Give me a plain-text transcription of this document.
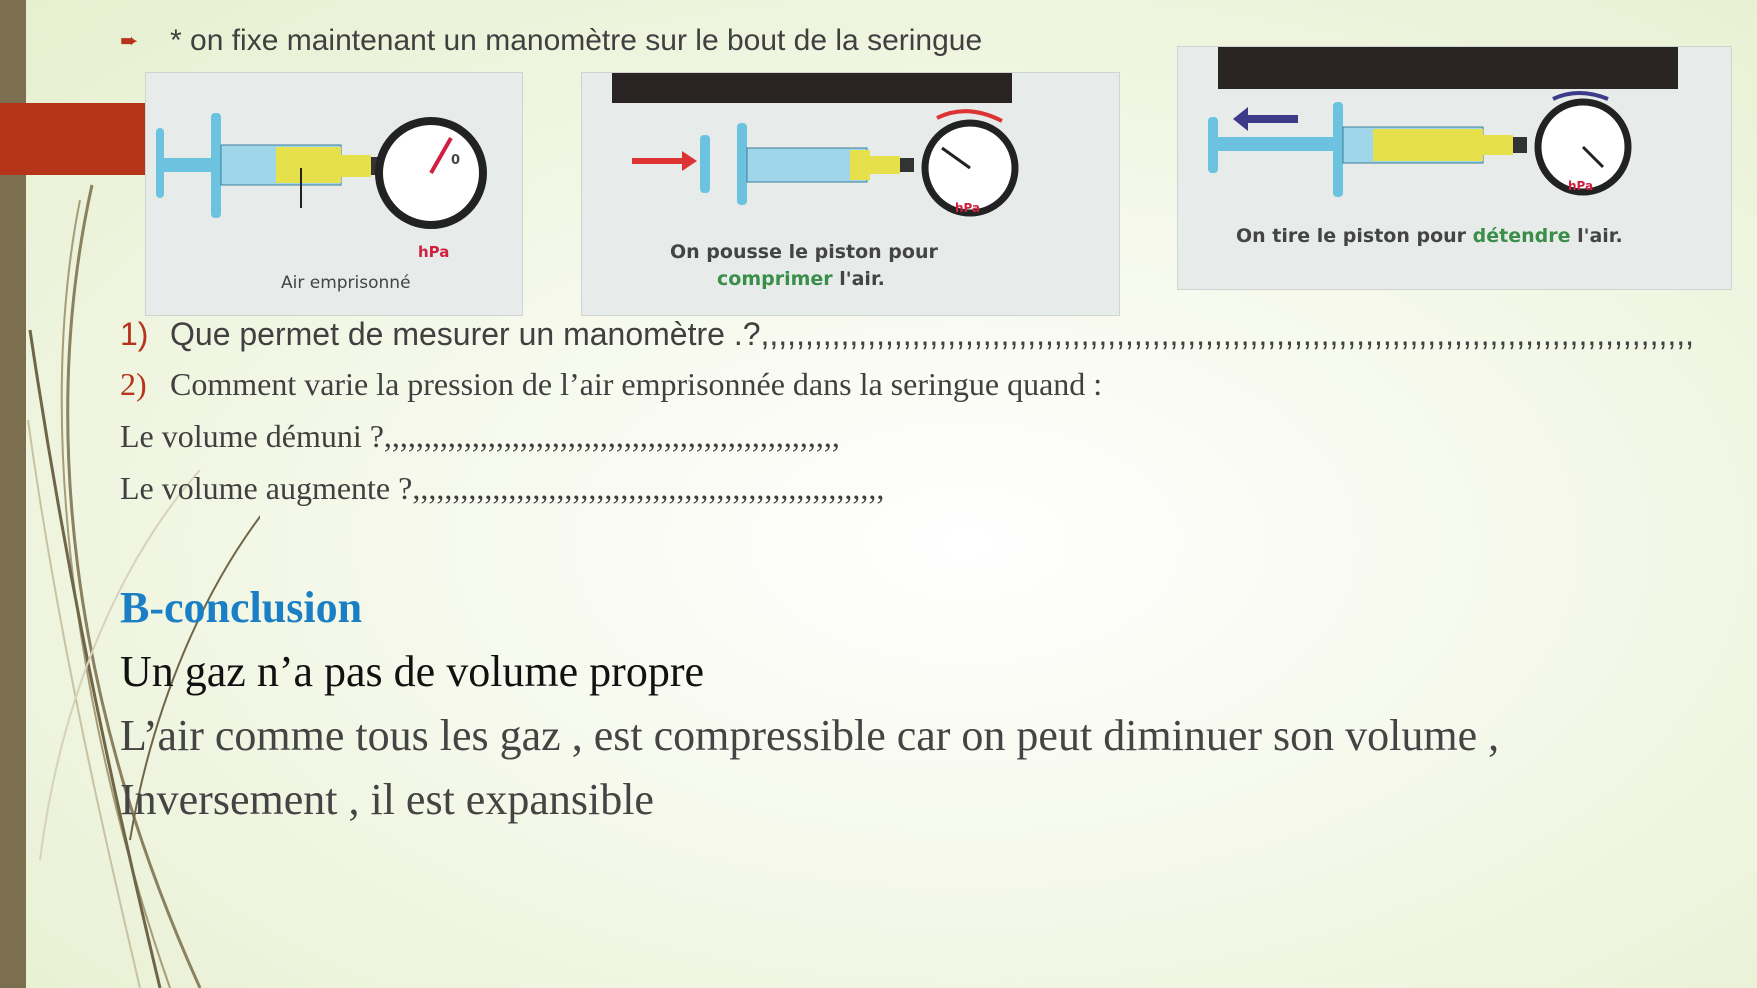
➨	* on fixe maintenant un manomètre sur le bout de la seringue
Air emprisonné
hPa
0
On pousse le piston pour
comprimer l'air.
hPa
On tire le piston pour détendre l'air.
hPa
1) Que permet de mesurer un manomètre .?,,,,,,,,,,,,,,,,,,,,,,,,,,,,,,,,,,,,,,,,,,,,,,,,,,,,,,,,,,,,,,,,,,,,,,,,,,,,,,,,,,,,,,,,,,,,,,,,,,,,,,,,,
2) Comment varie la pression de l’air emprisonnée dans la seringue quand :
Le volume démuni ?,,,,,,,,,,,,,,,,,,,,,,,,,,,,,,,,,,,,,,,,,,,,,,,,,,,,,,,,,
Le volume augmente ?,,,,,,,,,,,,,,,,,,,,,,,,,,,,,,,,,,,,,,,,,,,,,,,,,,,,,,,,,,,
B-conclusion
Un gaz n’a pas de volume propre
L’air comme tous les gaz , est compressible car on peut diminuer son volume ,
Inversement , il est expansible
